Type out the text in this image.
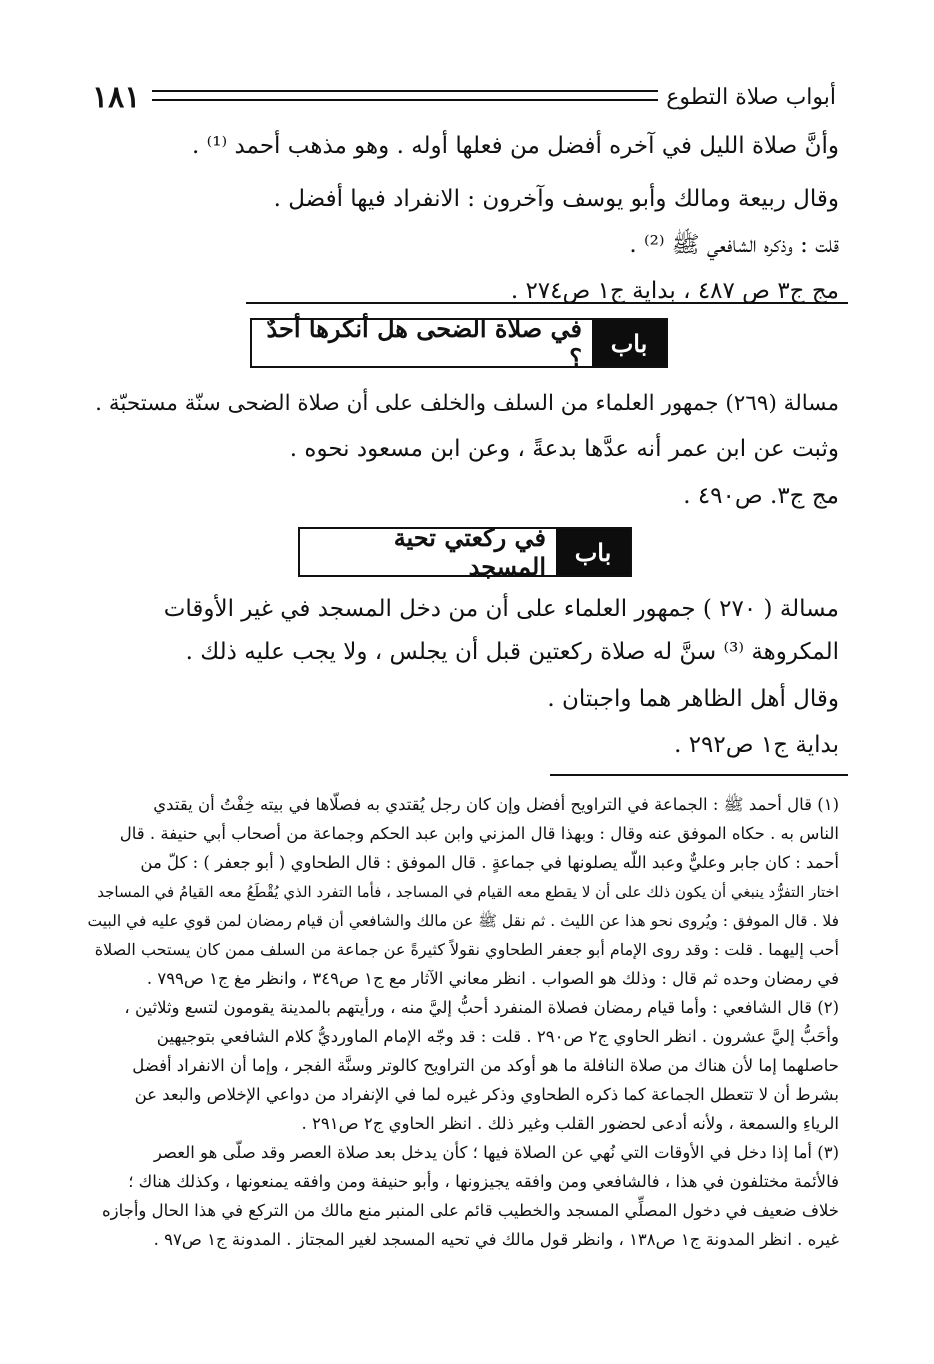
١٨١	أبواب صلاة التطوع
وأنَّ صلاة الليل في آخره أفضل من فعلها أوله . وهو مذهب أحمد ⁽¹⁾ .
وقال ربيعة ومالك وأبو يوسف وآخرون : الانفراد فيها أفضل .
قلت : وذكره الشافعي ﷺ ⁽²⁾ .
مج ج٣ ص ٤٨٧ ، بداية ج١ ص٢٧٤ .
باب
في صلاة الضحى هل أنكرها أحدٌ ؟
مسالة (٢٦٩) جمهور العلماء من السلف والخلف على أن صلاة الضحى سنّة مستحبّة .
وثبت عن ابن عمر أنه عدَّها بدعةً ، وعن ابن مسعود نحوه .
مج ج٣. ص٤٩٠ .
باب
في ركعتي تحية المسجد
مسالة ( ٢٧٠ ) جمهور العلماء على أن من دخل المسجد في غير الأوقات
المكروهة ⁽³⁾ سنَّ له صلاة ركعتين قبل أن يجلس ، ولا يجب عليه ذلك .
وقال أهل الظاهر هما واجبتان .
بداية ج١ ص٢٩٢ .
(١) قال أحمد ﷺ : الجماعة في التراويح أفضل وإن كان رجل يُقتدي به فصلّاها في بيته خِفْتُ أن يقتدي
الناس به . حكاه الموفق عنه وقال : وبهذا قال المزني وابن عبد الحكم وجماعة من أصحاب أبي حنيفة . قال
أحمد : كان جابر وعليٌّ وعبد اللّه يصلونها في جماعةٍ . قال الموفق : قال الطحاوي ( أبو جعفر ) : كلّ من
اختار التفرُّد ينبغي أن يكون ذلك على أن لا يقطع معه القيام في المساجد ، فأما التفرد الذي يُقْطَعُ معه القيامُ في المساجد
فلا . قال الموفق : ويُروى نحو هذا عن الليث . ثم نقل ﷺ عن مالك والشافعي أن قيام رمضان لمن قوي عليه في البيت
أحب إليهما . قلت : وقد روى الإمام أبو جعفر الطحاوي نقولاً كثيرةً عن جماعة من السلف ممن كان يستحب الصلاة
في رمضان وحده ثم قال : وذلك هو الصواب . انظر معاني الآثار مع ج١ ص٣٤٩ ، وانظر مغ ج١ ص٧٩٩ .
(٢) قال الشافعي : وأما قيام رمضان فصلاة المنفرد أحبُّ إليَّ منه ، ورأيتهم بالمدينة يقومون لتسع وثلاثين ،
وأحَبُّ إليَّ عشرون . انظر الحاوي ج٢ ص٢٩٠ . قلت : قد وجّه الإمام الماورديُّ كلام الشافعي بتوجيهين
حاصلهما إما لأن هناك من صلاة النافلة ما هو أوكد من التراويح كالوتر وسنَّة الفجر ، وإما أن الانفراد أفضل
بشرط أن لا تتعطل الجماعة كما ذكره الطحاوي وذكر غيره لما في الإنفراد من دواعي الإخلاص والبعد عن
الرياءِ والسمعة ، ولأنه أدعى لحضور القلب وغير ذلك . انظر الحاوي ج٢ ص٢٩١ .
(٣) أما إذا دخل في الأوقات التي نُهي عن الصلاة فيها ؛ كأن يدخل بعد صلاة العصر وقد صلّى هو العصر
فالأئمة مختلفون في هذا ، فالشافعي ومن وافقه يجيزونها ، وأبو حنيفة ومن وافقه يمنعونها ، وكذلك هناك ؛
خلاف ضعيف في دخول المصلِّي المسجد والخطيب قائم على المنبر منع مالك من التركع في هذا الحال وأجازه
غيره . انظر المدونة ج١ ص١٣٨ ، وانظر قول مالك في تحيه المسجد لغير المجتاز . المدونة ج١ ص٩٧ .
